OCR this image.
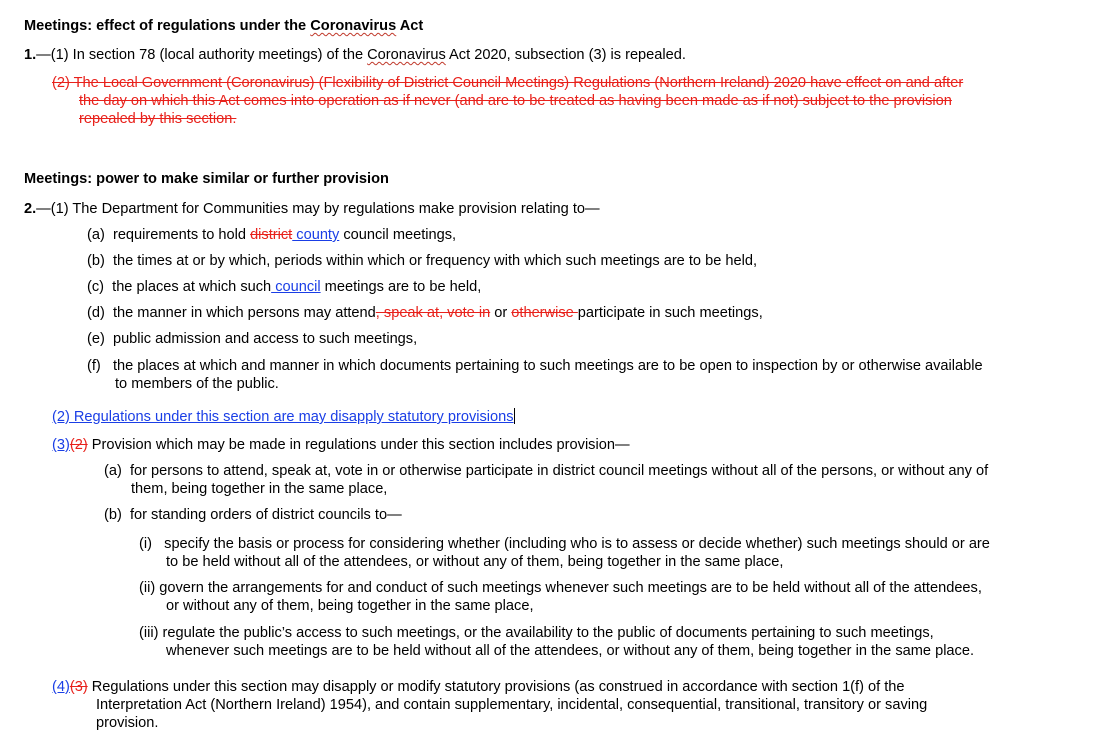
Meetings: effect of regulations under the Coronavirus Act
1.—(1) In section 78 (local authority meetings) of the Coronavirus Act 2020, subsection (3) is repealed.
(2) The Local Government (Coronavirus) (Flexibility of District Council Meetings) Regulations (Northern Ireland) 2020 have effect on and after
the day on which this Act comes into operation as if never (and are to be treated as having been made as if not) subject to the provision
repealed by this section.
Meetings: power to make similar or further provision
2.—(1) The Department for Communities may by regulations make provision relating to—
(a) requirements to hold district county council meetings,
(b) the times at or by which, periods within which or frequency with which such meetings are to be held,
(c) the places at which such council meetings are to be held,
(d) the manner in which persons may attend, speak at, vote in or otherwise participate in such meetings,
(e) public admission and access to such meetings,
(f) the places at which and manner in which documents pertaining to such meetings are to be open to inspection by or otherwise available
to members of the public.
(2) Regulations under this section are may disapply statutory provisions
(3)(2) Provision which may be made in regulations under this section includes provision—
(a) for persons to attend, speak at, vote in or otherwise participate in district council meetings without all of the persons, or without any of
them, being together in the same place,
(b) for standing orders of district councils to—
(i) specify the basis or process for considering whether (including who is to assess or decide whether) such meetings should or are
to be held without all of the attendees, or without any of them, being together in the same place,
(ii) govern the arrangements for and conduct of such meetings whenever such meetings are to be held without all of the attendees,
or without any of them, being together in the same place,
(iii) regulate the public’s access to such meetings, or the availability to the public of documents pertaining to such meetings,
whenever such meetings are to be held without all of the attendees, or without any of them, being together in the same place.
(4)(3) Regulations under this section may disapply or modify statutory provisions (as construed in accordance with section 1(f) of the
Interpretation Act (Northern Ireland) 1954), and contain supplementary, incidental, consequential, transitional, transitory or saving
provision.
